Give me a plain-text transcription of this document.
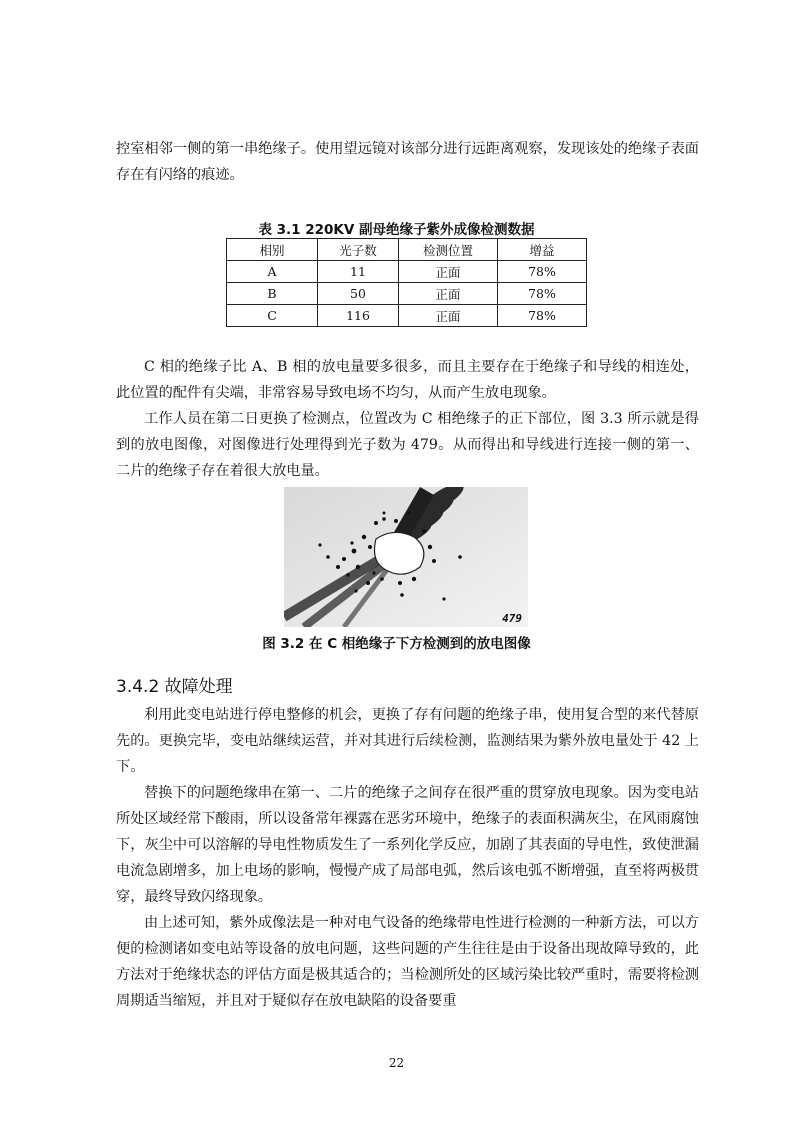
控室相邻一侧的第一串绝缘子。使用望远镜对该部分进行远距离观察，发现该处的绝缘子表面存在有闪络的痕迹。

表 3.1 220KV 副母绝缘子紫外成像检测数据
相别	光子数	检测位置	增益
A	11	正面	78%
B	50	正面	78%
C	116	正面	78%

C 相的绝缘子比 A、B 相的放电量要多很多，而且主要存在于绝缘子和导线的相连处，此位置的配件有尖端，非常容易导致电场不均匀，从而产生放电现象。

工作人员在第二日更换了检测点，位置改为 C 相绝缘子的正下部位，图 3.3 所示就是得到的放电图像，对图像进行处理得到光子数为 479。从而得出和导线进行连接一侧的第一、二片的绝缘子存在着很大放电量。

479
图 3.2 在 C 相绝缘子下方检测到的放电图像
3.4.2 故障处理

利用此变电站进行停电整修的机会，更换了存有问题的绝缘子串，使用复合型的来代替原先的。更换完毕，变电站继续运营，并对其进行后续检测，监测结果为紫外放电量处于 42 上下。

替换下的问题绝缘串在第一、二片的绝缘子之间存在很严重的贯穿放电现象。因为变电站所处区域经常下酸雨，所以设备常年裸露在恶劣环境中，绝缘子的表面积满灰尘，在风雨腐蚀下，灰尘中可以溶解的导电性物质发生了一系列化学反应，加剧了其表面的导电性，致使泄漏电流急剧增多，加上电场的影响，慢慢产成了局部电弧，然后该电弧不断增强，直至将两极贯穿，最终导致闪络现象。

由上述可知，紫外成像法是一种对电气设备的绝缘带电性进行检测的一种新方法，可以方便的检测诸如变电站等设备的放电问题，这些问题的产生往往是由于设备出现故障导致的，此方法对于绝缘状态的评估方面是极其适合的；当检测所处的区域污染比较严重时，需要将检测周期适当缩短，并且对于疑似存在放电缺陷的设备要重

22
